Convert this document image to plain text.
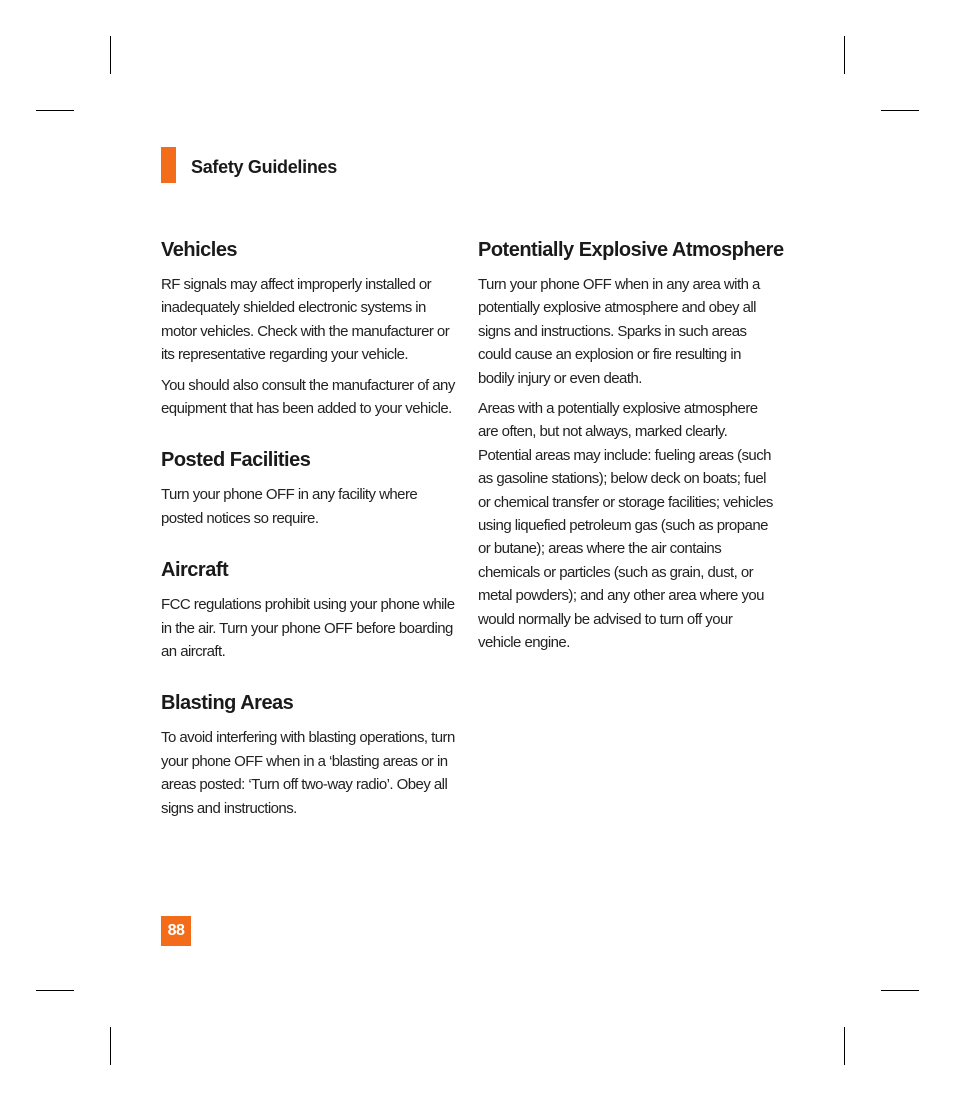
Safety Guidelines
Vehicles

RF signals may affect improperly installed or inadequately shielded electronic systems in motor vehicles. Check with the manufacturer or its representative regarding your vehicle.

You should also consult the manufacturer of any equipment that has been added to your vehicle.

Posted Facilities

Turn your phone OFF in any facility where posted notices so require.

Aircraft

FCC regulations prohibit using your phone while in the air. Turn your phone OFF before boarding an aircraft.

Blasting Areas

To avoid interfering with blasting operations, turn your phone OFF when in a ‘blasting areas or in areas posted: ‘Turn off two-way radio’. Obey all signs and instructions.

Potentially Explosive Atmosphere

Turn your phone OFF when in any area with a potentially explosive atmosphere and obey all signs and instructions. Sparks in such areas could cause an explosion or fire resulting in bodily injury or even death.

Areas with a potentially explosive atmosphere are often, but not always, marked clearly. Potential areas may include: fueling areas (such as gasoline stations); below deck on boats; fuel or chemical transfer or storage facilities; vehicles using liquefied petroleum gas (such as propane or butane); areas where the air contains chemicals or particles (such as grain, dust, or metal powders); and any other area where you would normally be advised to turn off your vehicle engine.

88
